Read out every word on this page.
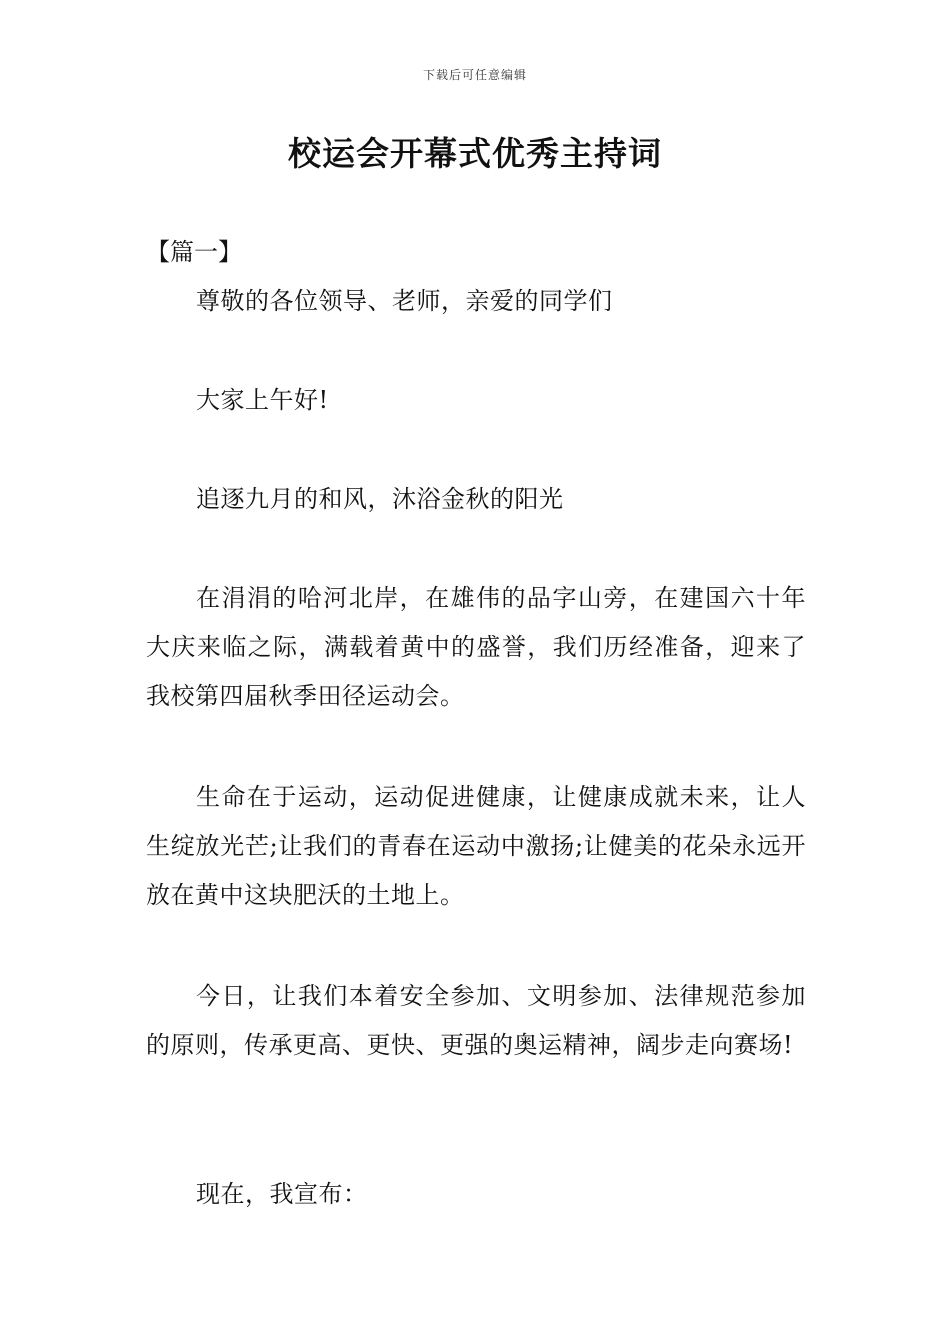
下载后可任意编辑
校运会开幕式优秀主持词
【篇一】

尊敬的各位领导、老师，亲爱的同学们

大家上午好!

追逐九月的和风，沐浴金秋的阳光

在涓涓的哈河北岸，在雄伟的品字山旁，在建国六十年大庆来临之际，满载着黄中的盛誉，我们历经准备，迎来了我校第四届秋季田径运动会。

生命在于运动，运动促进健康，让健康成就未来，让人生绽放光芒;让我们的青春在运动中激扬;让健美的花朵永远开放在黄中这块肥沃的土地上。

今日，让我们本着安全参加、文明参加、法律规范参加的原则，传承更高、更快、更强的奥运精神，阔步走向赛场!

现在，我宣布：
